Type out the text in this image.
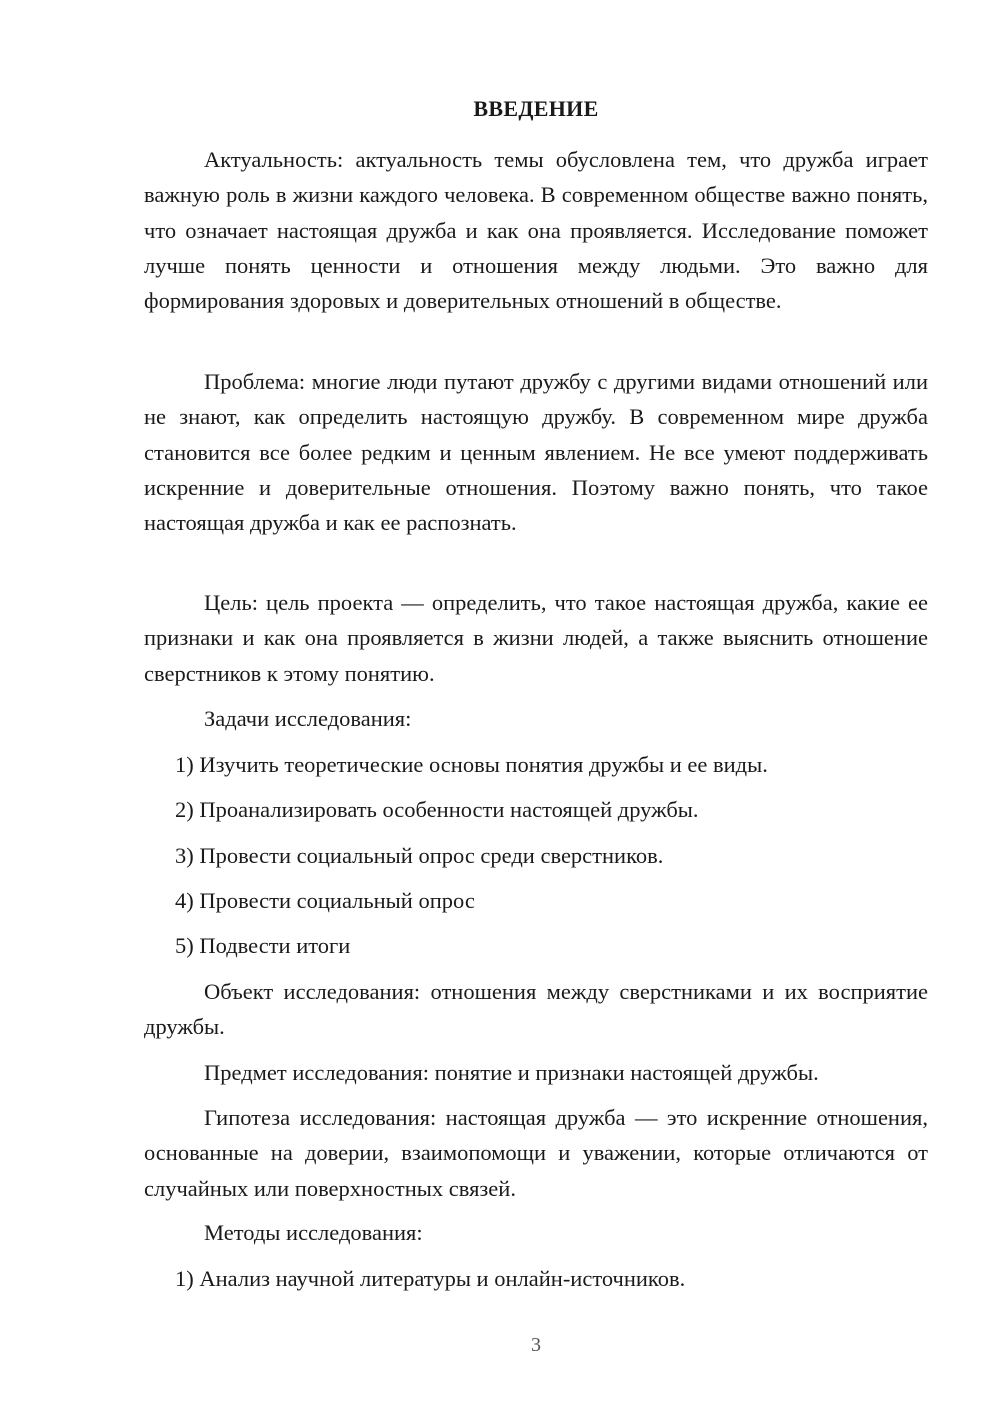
ВВЕДЕНИЕ

Актуальность: актуальность темы обусловлена тем, что дружба играет важную роль в жизни каждого человека. В современном обществе важно понять, что означает настоящая дружба и как она проявляется. Исследование поможет лучше понять ценности и отношения между людьми. Это важно для формирования здоровых и доверительных отношений в обществе.

Проблема: многие люди путают дружбу с другими видами отношений или не знают, как определить настоящую дружбу. В современном мире дружба становится все более редким и ценным явлением. Не все умеют поддерживать искренние и доверительные отношения. Поэтому важно понять, что такое настоящая дружба и как ее распознать.

Цель: цель проекта — определить, что такое настоящая дружба, какие ее признаки и как она проявляется в жизни людей, а также выяснить отношение сверстников к этому понятию.

Задачи исследования:

1) Изучить теоретические основы понятия дружбы и ее виды.

2) Проанализировать особенности настоящей дружбы.

3) Провести социальный опрос среди сверстников.

4) Провести социальный опрос

5) Подвести итоги

Объект исследования: отношения между сверстниками и их восприятие дружбы.

Предмет исследования: понятие и признаки настоящей дружбы.

Гипотеза исследования: настоящая дружба — это искренние отношения, основанные на доверии, взаимопомощи и уважении, которые отличаются от случайных или поверхностных связей.

Методы исследования:

1) Анализ научной литературы и онлайн-источников.

3
